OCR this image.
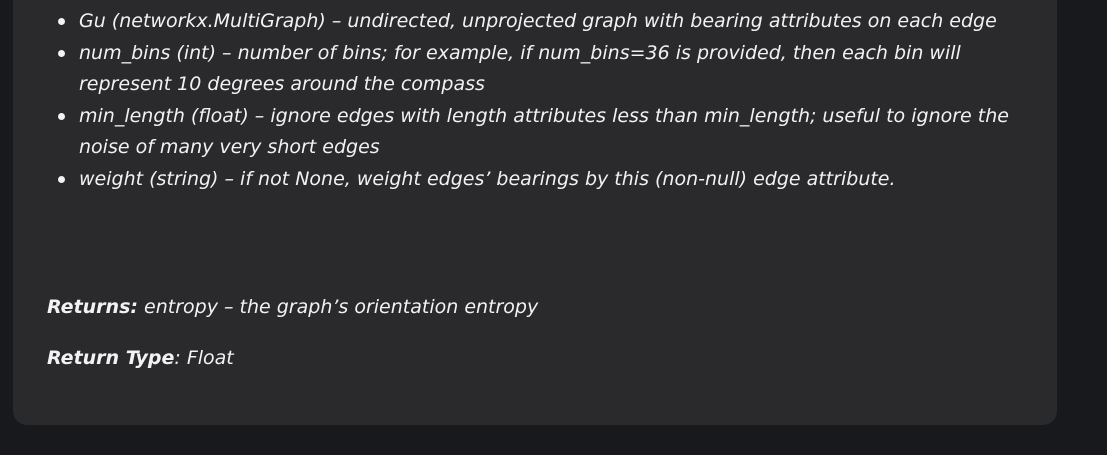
Gu (networkx.MultiGraph) – undirected, unprojected graph with bearing attributes on each edge
num_bins (int) – number of bins; for example, if num_bins=36 is provided, then each bin will represent 10 degrees around the compass
min_length (float) – ignore edges with length attributes less than min_length; useful to ignore the noise of many very short edges
weight (string) – if not None, weight edges’ bearings by this (non-null) edge attribute.

Returns: entropy – the graph’s orientation entropy

Return Type: Float
